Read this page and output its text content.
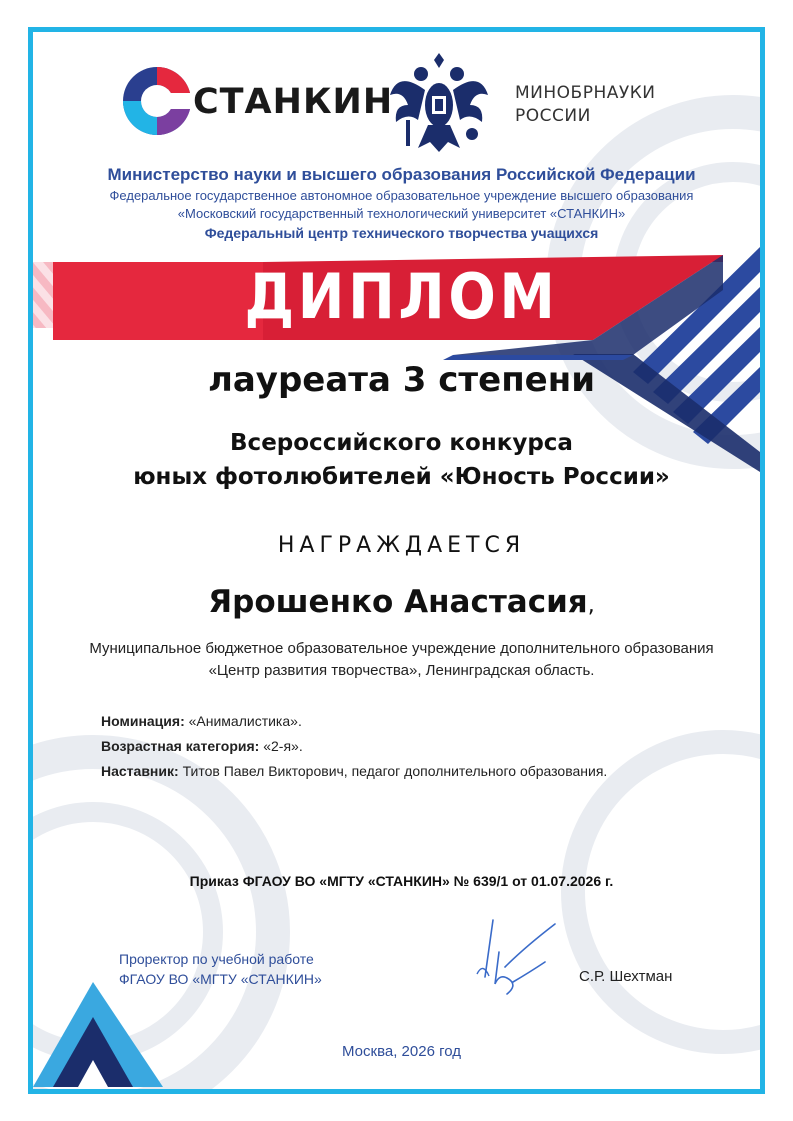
СТАНКИН	МИНОБРНАУКИ
РОССИИ
Министерство науки и высшего образования Российской Федерации
Федеральное государственное автономное образовательное учреждение высшего образования
«Московский государственный технологический университет «СТАНКИН»
Федеральный центр технического творчества учащихся
ДИПЛОМ
лауреата 3 степени
Всероссийского конкурса
юных фотолюбителей «Юность России»
НАГРАЖДАЕТСЯ
Ярошенко Анастасия,
Муниципальное бюджетное образовательное учреждение дополнительного образования
«Центр развития творчества», Ленинградская область.
Номинация: «Анималистика».
Возрастная категория: «2-я».
Наставник: Титов Павел Викторович, педагог дополнительного образования.
Приказ ФГАОУ ВО «МГТУ «СТАНКИН» № 639/1 от 01.07.2026 г.
Проректор по учебной работе
ФГАОУ ВО «МГТУ «СТАНКИН»	С.Р. Шехтман
Москва, 2026 год
